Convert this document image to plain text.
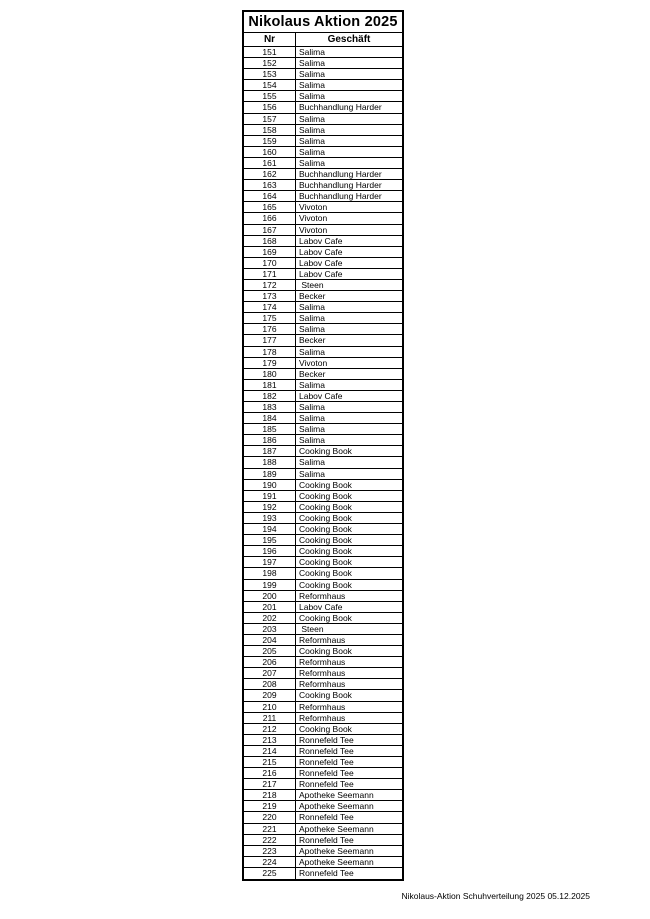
Nikolaus Aktion 2025
Nr	Geschäft
151	Salima
152	Salima
153	Salima
154	Salima
155	Salima
156	Buchhandlung Harder
157	Salima
158	Salima
159	Salima
160	Salima
161	Salima
162	Buchhandlung Harder
163	Buchhandlung Harder
164	Buchhandlung Harder
165	Vivoton
166	Vivoton
167	Vivoton
168	Labov Cafe
169	Labov Cafe
170	Labov Cafe
171	Labov Cafe
172	Steen
173	Becker
174	Salima
175	Salima
176	Salima
177	Becker
178	Salima
179	Vivoton
180	Becker
181	Salima
182	Labov Cafe
183	Salima
184	Salima
185	Salima
186	Salima
187	Cooking Book
188	Salima
189	Salima
190	Cooking Book
191	Cooking Book
192	Cooking Book
193	Cooking Book
194	Cooking Book
195	Cooking Book
196	Cooking Book
197	Cooking Book
198	Cooking Book
199	Cooking Book
200	Reformhaus
201	Labov Cafe
202	Cooking Book
203	Steen
204	Reformhaus
205	Cooking Book
206	Reformhaus
207	Reformhaus
208	Reformhaus
209	Cooking Book
210	Reformhaus
211	Reformhaus
212	Cooking Book
213	Ronnefeld Tee
214	Ronnefeld Tee
215	Ronnefeld Tee
216	Ronnefeld Tee
217	Ronnefeld Tee
218	Apotheke Seemann
219	Apotheke Seemann
220	Ronnefeld Tee
221	Apotheke Seemann
222	Ronnefeld Tee
223	Apotheke Seemann
224	Apotheke Seemann
225	Ronnefeld Tee
Nikolaus-Aktion Schuhverteilung 2025 05.12.2025
